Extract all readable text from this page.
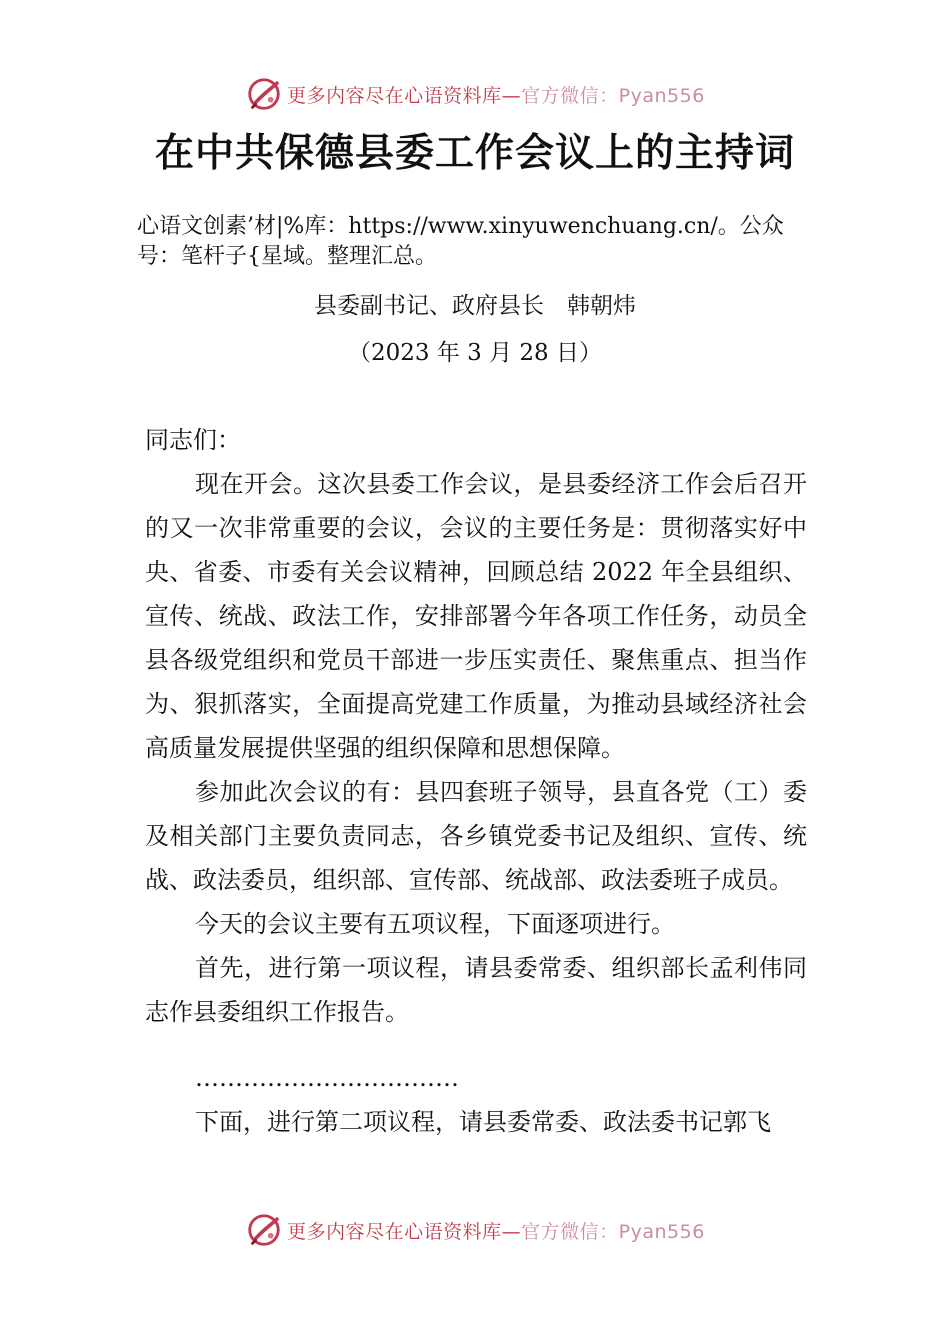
更多内容尽在心语资料库— 官方微信：Pyan556
在中共保德县委工作会议上的主持词

心语文创素’材|%库：https://www.xinyuwenchuang.cn/。公众号：笔杆子{星域。整理汇总。

县委副书记、政府县长　韩朝炜

（2023 年 3 月 28 日）

同志们：

现在开会。这次县委工作会议，是县委经济工作会后召开的又一次非常重要的会议，会议的主要任务是：贯彻落实好中央、省委、市委有关会议精神，回顾总结 2022 年全县组织、宣传、统战、政法工作，安排部署今年各项工作任务，动员全县各级党组织和党员干部进一步压实责任、聚焦重点、担当作为、狠抓落实，全面提高党建工作质量，为推动县域经济社会高质量发展提供坚强的组织保障和思想保障。

参加此次会议的有：县四套班子领导，县直各党（工）委及相关部门主要负责同志，各乡镇党委书记及组织、宣传、统战、政法委员，组织部、宣传部、统战部、政法委班子成员。

今天的会议主要有五项议程，下面逐项进行。

首先，进行第一项议程，请县委常委、组织部长孟利伟同志作县委组织工作报告。

……………………………

下面，进行第二项议程，请县委常委、政法委书记郭飞

更多内容尽在心语资料库— 官方微信：Pyan556
